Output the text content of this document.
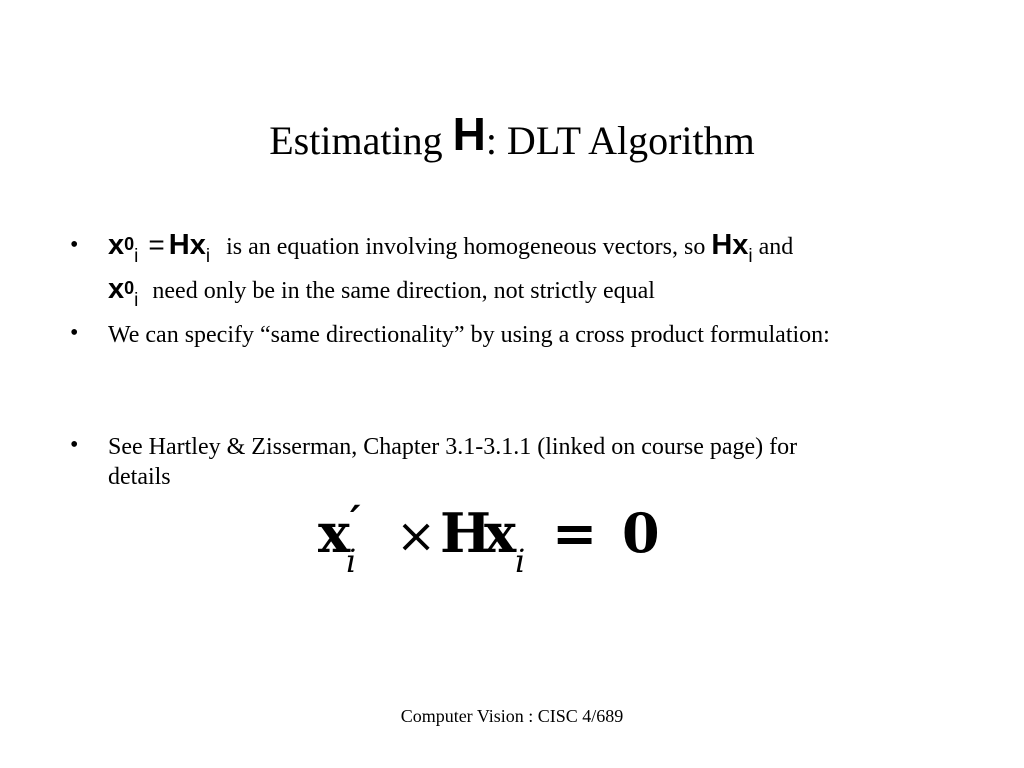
Estimating H: DLT Algorithm
• $x^0_i = Hx_i$ is an equation involving homogeneous vectors, so $Hx_i$ and
$x^0_i$ need only be in the same direction, not strictly equal
• We can specify “same directionality” by using a cross product formulation:
• See Hartley & Zisserman, Chapter 3.1-3.1.1 (linked on course page) for
details
x ′
i × H
x
i = 0
Computer Vision : CISC 4/689
